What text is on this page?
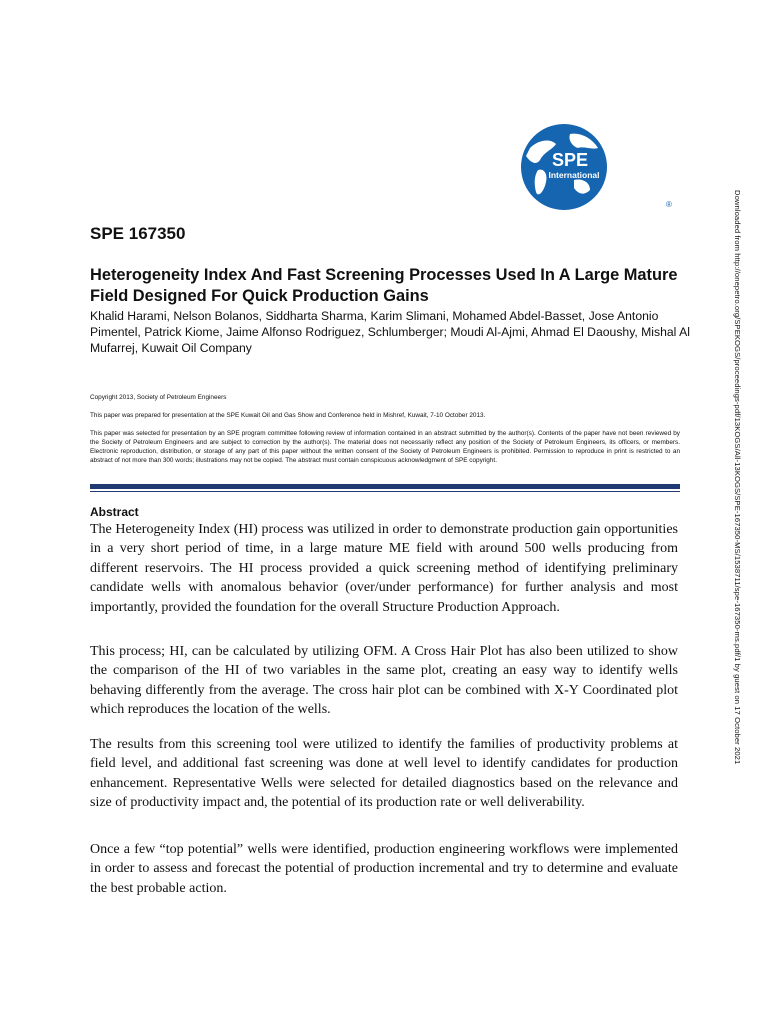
SPE
International
®	Downloaded from http://onepetro.org/SPEKOGS/proceedings-pdf/13KOGS/All-13KOGS/SPE-167350-MS/1538711/spe-167350-ms.pdf/1 by guest on 17 October 2021
SPE 167350
Heterogeneity Index And Fast Screening Processes Used In A Large Mature Field Designed For Quick Production Gains

Khalid Harami, Nelson Bolanos, Siddharta Sharma, Karim Slimani, Mohamed Abdel-Basset, Jose Antonio Pimentel, Patrick Kiome, Jaime Alfonso Rodriguez, Schlumberger; Moudi Al-Ajmi, Ahmad El Daoushy, Mishal Al Mufarrej, Kuwait Oil Company

Copyright 2013, Society of Petroleum Engineers

This paper was prepared for presentation at the SPE Kuwait Oil and Gas Show and Conference held in Mishref, Kuwait, 7-10 October 2013.

This paper was selected for presentation by an SPE program committee following review of information contained in an abstract submitted by the author(s). Contents of the paper have not been reviewed by the Society of Petroleum Engineers and are subject to correction by the author(s). The material does not necessarily reflect any position of the Society of Petroleum Engineers, its officers, or members. Electronic reproduction, distribution, or storage of any part of this paper without the written consent of the Society of Petroleum Engineers is prohibited. Permission to reproduce in print is restricted to an abstract of not more than 300 words; illustrations may not be copied. The abstract must contain conspicuous acknowledgment of SPE copyright.

Abstract

The Heterogeneity Index (HI) process was utilized in order to demonstrate production gain opportunities in a very short period of time, in a large mature ME field with around 500 wells producing from different reservoirs. The HI process provided a quick screening method of identifying preliminary candidate wells with anomalous behavior (over/under performance) for further analysis and most importantly, provided the foundation for the overall Structure Production Approach.

This process; HI, can be calculated by utilizing OFM. A Cross Hair Plot has also been utilized to show the comparison of the HI of two variables in the same plot, creating an easy way to identify wells behaving differently from the average. The cross hair plot can be combined with X-Y Coordinated plot which reproduces the location of the wells.

The results from this screening tool were utilized to identify the families of productivity problems at field level, and additional fast screening was done at well level to identify candidates for production enhancement. Representative Wells were selected for detailed diagnostics based on the relevance and size of productivity impact and, the potential of its production rate or well deliverability.

Once a few “top potential” wells were identified, production engineering workflows were implemented in order to assess and forecast the potential of production incremental and try to determine and evaluate the best probable action.
